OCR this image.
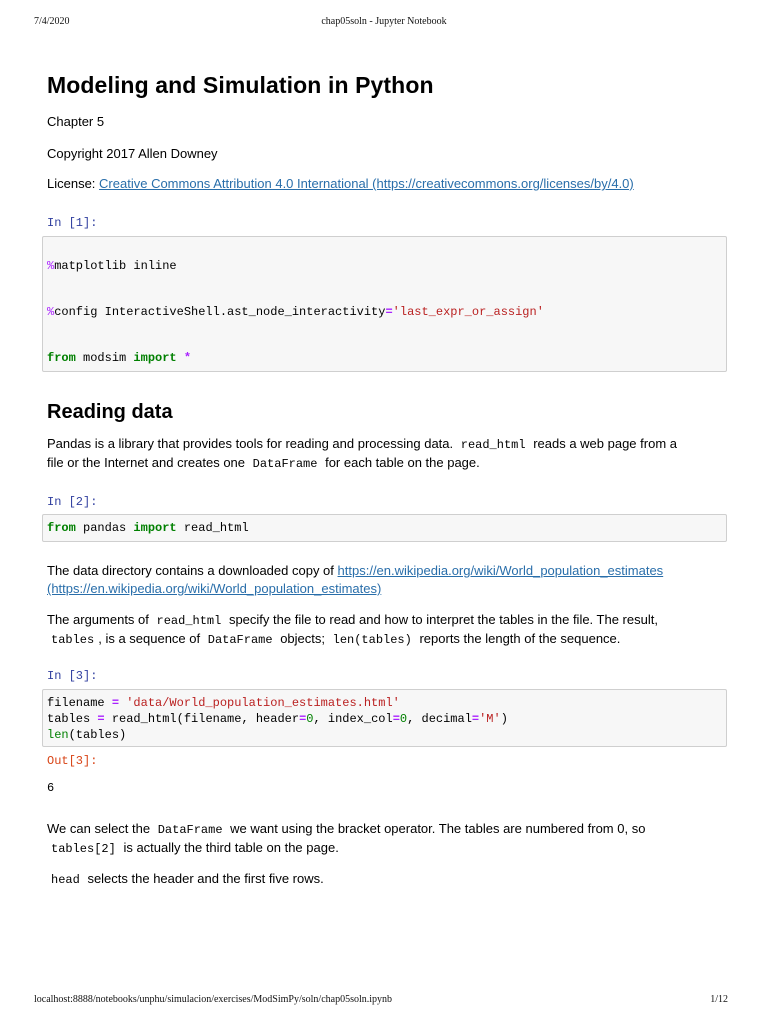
7/4/2020	chap05soln - Jupyter Notebook
Modeling and Simulation in Python

Chapter 5

Copyright 2017 Allen Downey

License: Creative Commons Attribution 4.0 International (https://creativecommons.org/licenses/by/4.0)

In [1]:
%matplotlib inline
%config InteractiveShell.ast_node_interactivity='last_expr_or_assign'
from modsim import *
Reading data

Pandas is a library that provides tools for reading and processing data. read_html reads a web page from a
file or the Internet and creates one DataFrame for each table on the page.

In [2]:
from pandas import read_html

The data directory contains a downloaded copy of https://en.wikipedia.org/wiki/World_population_estimates
(https://en.wikipedia.org/wiki/World_population_estimates)

The arguments of read_html specify the file to read and how to interpret the tables in the file. The result,
tables , is a sequence of DataFrame objects; len(tables) reports the length of the sequence.

In [3]:
filename = 'data/World_population_estimates.html'
tables = read_html(filename, header=0, index_col=0, decimal='M')
len(tables)
Out[3]:
6

We can select the DataFrame we want using the bracket operator. The tables are numbered from 0, so
tables[2] is actually the third table on the page.

head selects the header and the first five rows.

localhost:8888/notebooks/unphu/simulacion/exercises/ModSimPy/soln/chap05soln.ipynb	1/12
